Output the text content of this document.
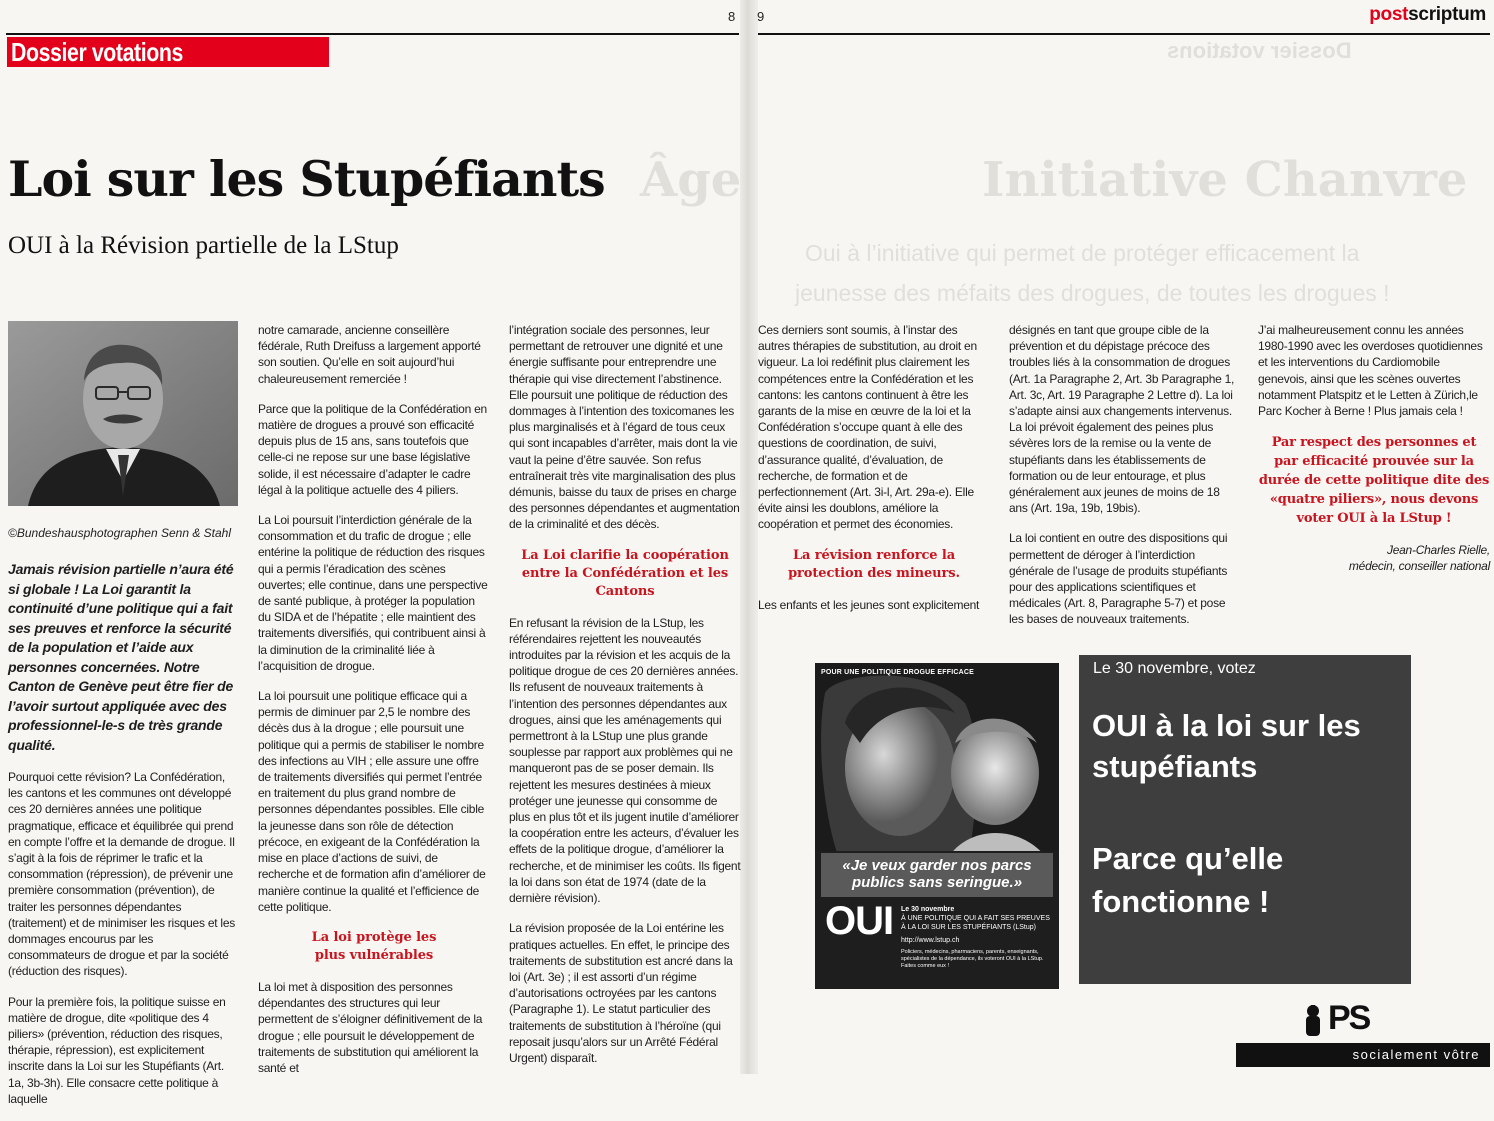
8 9	postscriptum
Dossier votations
Initiative Chanvre
Âge
Oui à l’initiative qui permet de protéger efficacement la
jeunesse des méfaits des drogues, de toutes les drogues !
Dossier votations
Loi sur les Stupéfiants
OUI à la Révision partielle de la LStup
©Bundeshausphotographen Senn & Stahl

Jamais révision partielle n’aura été si globale ! La Loi garantit la continuité d’une politique qui a fait ses preuves et renforce la sécurité de la population et l’aide aux personnes concernées. Notre Canton de Genève peut être fier de l’avoir surtout appliquée avec des professionnel-le-s de très grande qualité.

Pourquoi cette révision? La Confédération, les cantons et les communes ont développé ces 20 dernières années une politique pragmatique, efficace et équilibrée qui prend en compte l’offre et la demande de drogue. Il s’agit à la fois de réprimer le trafic et la consommation (répression), de prévenir une première consommation (prévention), de traiter les personnes dépendantes (traitement) et de minimiser les risques et les dommages encourus par les consommateurs de drogue et par la société (réduction des risques).

Pour la première fois, la politique suisse en matière de drogue, dite «politique des 4 piliers» (prévention, réduction des risques, thérapie, répression), est explicitement inscrite dans la Loi sur les Stupéfiants (Art. 1a, 3b-3h). Elle consacre cette politique à laquelle

notre camarade, ancienne conseillère fédérale, Ruth Dreifuss a largement apporté son soutien. Qu’elle en soit aujourd’hui chaleureusement remerciée !

Parce que la politique de la Confédération en matière de drogues a prouvé son efficacité depuis plus de 15 ans, sans toutefois que celle-ci ne repose sur une base législative solide, il est nécessaire d’adapter le cadre légal à la politique actuelle des 4 piliers.

La Loi poursuit l’interdiction générale de la consommation et du trafic de drogue ; elle entérine la politique de réduction des risques qui a permis l’éradication des scènes ouvertes; elle continue, dans une perspective de santé publique, à protéger la population du SIDA et de l’hépatite ; elle maintient des traitements diversifiés, qui contribuent ainsi à la diminution de la criminalité liée à l’acquisition de drogue.

La loi poursuit une politique efficace qui a permis de diminuer par 2,5 le nombre des décès dus à la drogue ; elle poursuit une politique qui a permis de stabiliser le nombre des infections au VIH ; elle assure une offre de traitements diversifiés qui permet l’entrée en traitement du plus grand nombre de personnes dépendantes possibles. Elle cible la jeunesse dans son rôle de détection précoce, en exigeant de la Confédération la mise en place d’actions de suivi, de recherche et de formation afin d’améliorer de manière continue la qualité et l’efficience de cette politique.

La loi protège les plus vulnérables

La loi met à disposition des personnes dépendantes des structures qui leur permettent de s’éloigner définitivement de la drogue ; elle poursuit le développement de traitements de substitution qui améliorent la santé et

l’intégration sociale des personnes, leur permettant de retrouver une dignité et une énergie suffisante pour entreprendre une thérapie qui vise directement l’abstinence. Elle poursuit une politique de réduction des dommages à l’intention des toxicomanes les plus marginalisés et à l’égard de tous ceux qui sont incapables d’arrêter, mais dont la vie vaut la peine d’être sauvée. Son refus entraînerait très vite marginalisation des plus démunis, baisse du taux de prises en charge des personnes dépendantes et augmentation de la criminalité et des décès.

La Loi clarifie la coopération entre la Confédération et les Cantons

En refusant la révision de la LStup, les référendaires rejettent les nouveautés introduites par la révision et les acquis de la politique drogue de ces 20 dernières années. Ils refusent de nouveaux traitements à l’intention des personnes dépendantes aux drogues, ainsi que les aménagements qui permettront à la LStup une plus grande souplesse par rapport aux problèmes qui ne manqueront pas de se poser demain. Ils rejettent les mesures destinées à mieux protéger une jeunesse qui consomme de plus en plus tôt et ils jugent inutile d’améliorer la coopération entre les acteurs, d’évaluer les effets de la politique drogue, d’améliorer la recherche, et de minimiser les coûts. Ils figent la loi dans son état de 1974 (date de la dernière révision).

La révision proposée de la Loi entérine les pratiques actuelles. En effet, le principe des traitements de substitution est ancré dans la loi (Art. 3e) ; il est assorti d’un régime d’autorisations octroyées par les cantons (Paragraphe 1). Le statut particulier des traitements de substitution à l’héroïne (qui reposait jusqu’alors sur un Arrêté Fédéral Urgent) disparaît.

Ces derniers sont soumis, à l’instar des autres thérapies de substitution, au droit en vigueur. La loi redéfinit plus clairement les compétences entre la Confédération et les cantons: les cantons continuent à être les garants de la mise en œuvre de la loi et la Confédération s’occupe quant à elle des questions de coordination, de suivi, d’assurance qualité, d’évaluation, de recherche, de formation et de perfectionnement (Art. 3i-l, Art. 29a-e). Elle évite ainsi les doublons, améliore la coopération et permet des économies.

La révision renforce la protection des mineurs.

Les enfants et les jeunes sont explicitement

désignés en tant que groupe cible de la prévention et du dépistage précoce des troubles liés à la consommation de drogues (Art. 1a Paragraphe 2, Art. 3b Paragraphe 1, Art. 3c, Art. 19 Paragraphe 2 Lettre d). La loi s’adapte ainsi aux changements intervenus. La loi prévoit également des peines plus sévères lors de la remise ou la vente de stupéfiants dans les établissements de formation ou de leur entourage, et plus généralement aux jeunes de moins de 18 ans (Art. 19a, 19b, 19bis).

La loi contient en outre des dispositions qui permettent de déroger à l’interdiction générale de l’usage de produits stupéfiants pour des applications scientifiques et médicales (Art. 8, Paragraphe 5-7) et pose les bases de nouveaux traitements.

J’ai malheureusement connu les années 1980-1990 avec les overdoses quotidiennes et les interventions du Cardiomobile genevois, ainsi que les scènes ouvertes notamment Platspitz et le Letten à Zürich,le Parc Kocher à Berne ! Plus jamais cela !

Par respect des personnes et par efficacité prouvée sur la durée de cette politique dite des «quatre piliers», nous devons voter OUI à la LStup !

Jean-Charles Rielle,
médecin, conseiller national
POUR UNE POLITIQUE DROGUE EFFICACE
«Je veux garder nos parcs publics sans seringue.»
OUI Le 30 novembre
À UNE POLITIQUE QUI A FAIT SES PREUVES À LA LOI SUR LES STUPÉFIANTS (LStup)
http://www.lstup.ch
Policiers, médecins, pharmaciens, parents, enseignants, spécialistes de la dépendance, ils voteront OUI à la LStup. Faites comme eux !
Le 30 novembre, votez
OUI à la loi sur les stupéfiants
Parce qu’elle fonctionne !
PS
socialement vôtre
